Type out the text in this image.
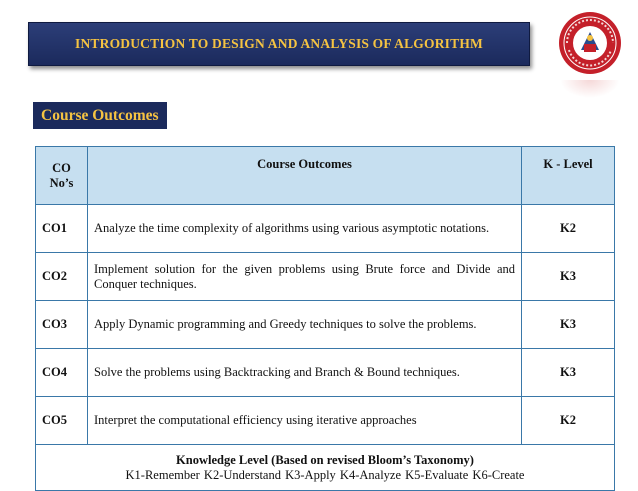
INTRODUCTION TO DESIGN AND ANALYSIS OF ALGORITHM
Course Outcomes
CO No’s	Course Outcomes	K - Level
CO1	Analyze the time complexity of algorithms using various asymptotic notations.	K2
CO2	Implement solution for the given problems using Brute force and Divide and Conquer techniques.	K3
CO3	Apply Dynamic programming and Greedy techniques to solve the problems.	K3
CO4	Solve the problems using Backtracking and Branch & Bound techniques.	K3
CO5	Interpret the computational efficiency using iterative approaches	K2

Knowledge Level (Based on revised Bloom’s Taxonomy)
K1-Remember K2-Understand K3-Apply K4-Analyze K5-Evaluate K6-Create		
